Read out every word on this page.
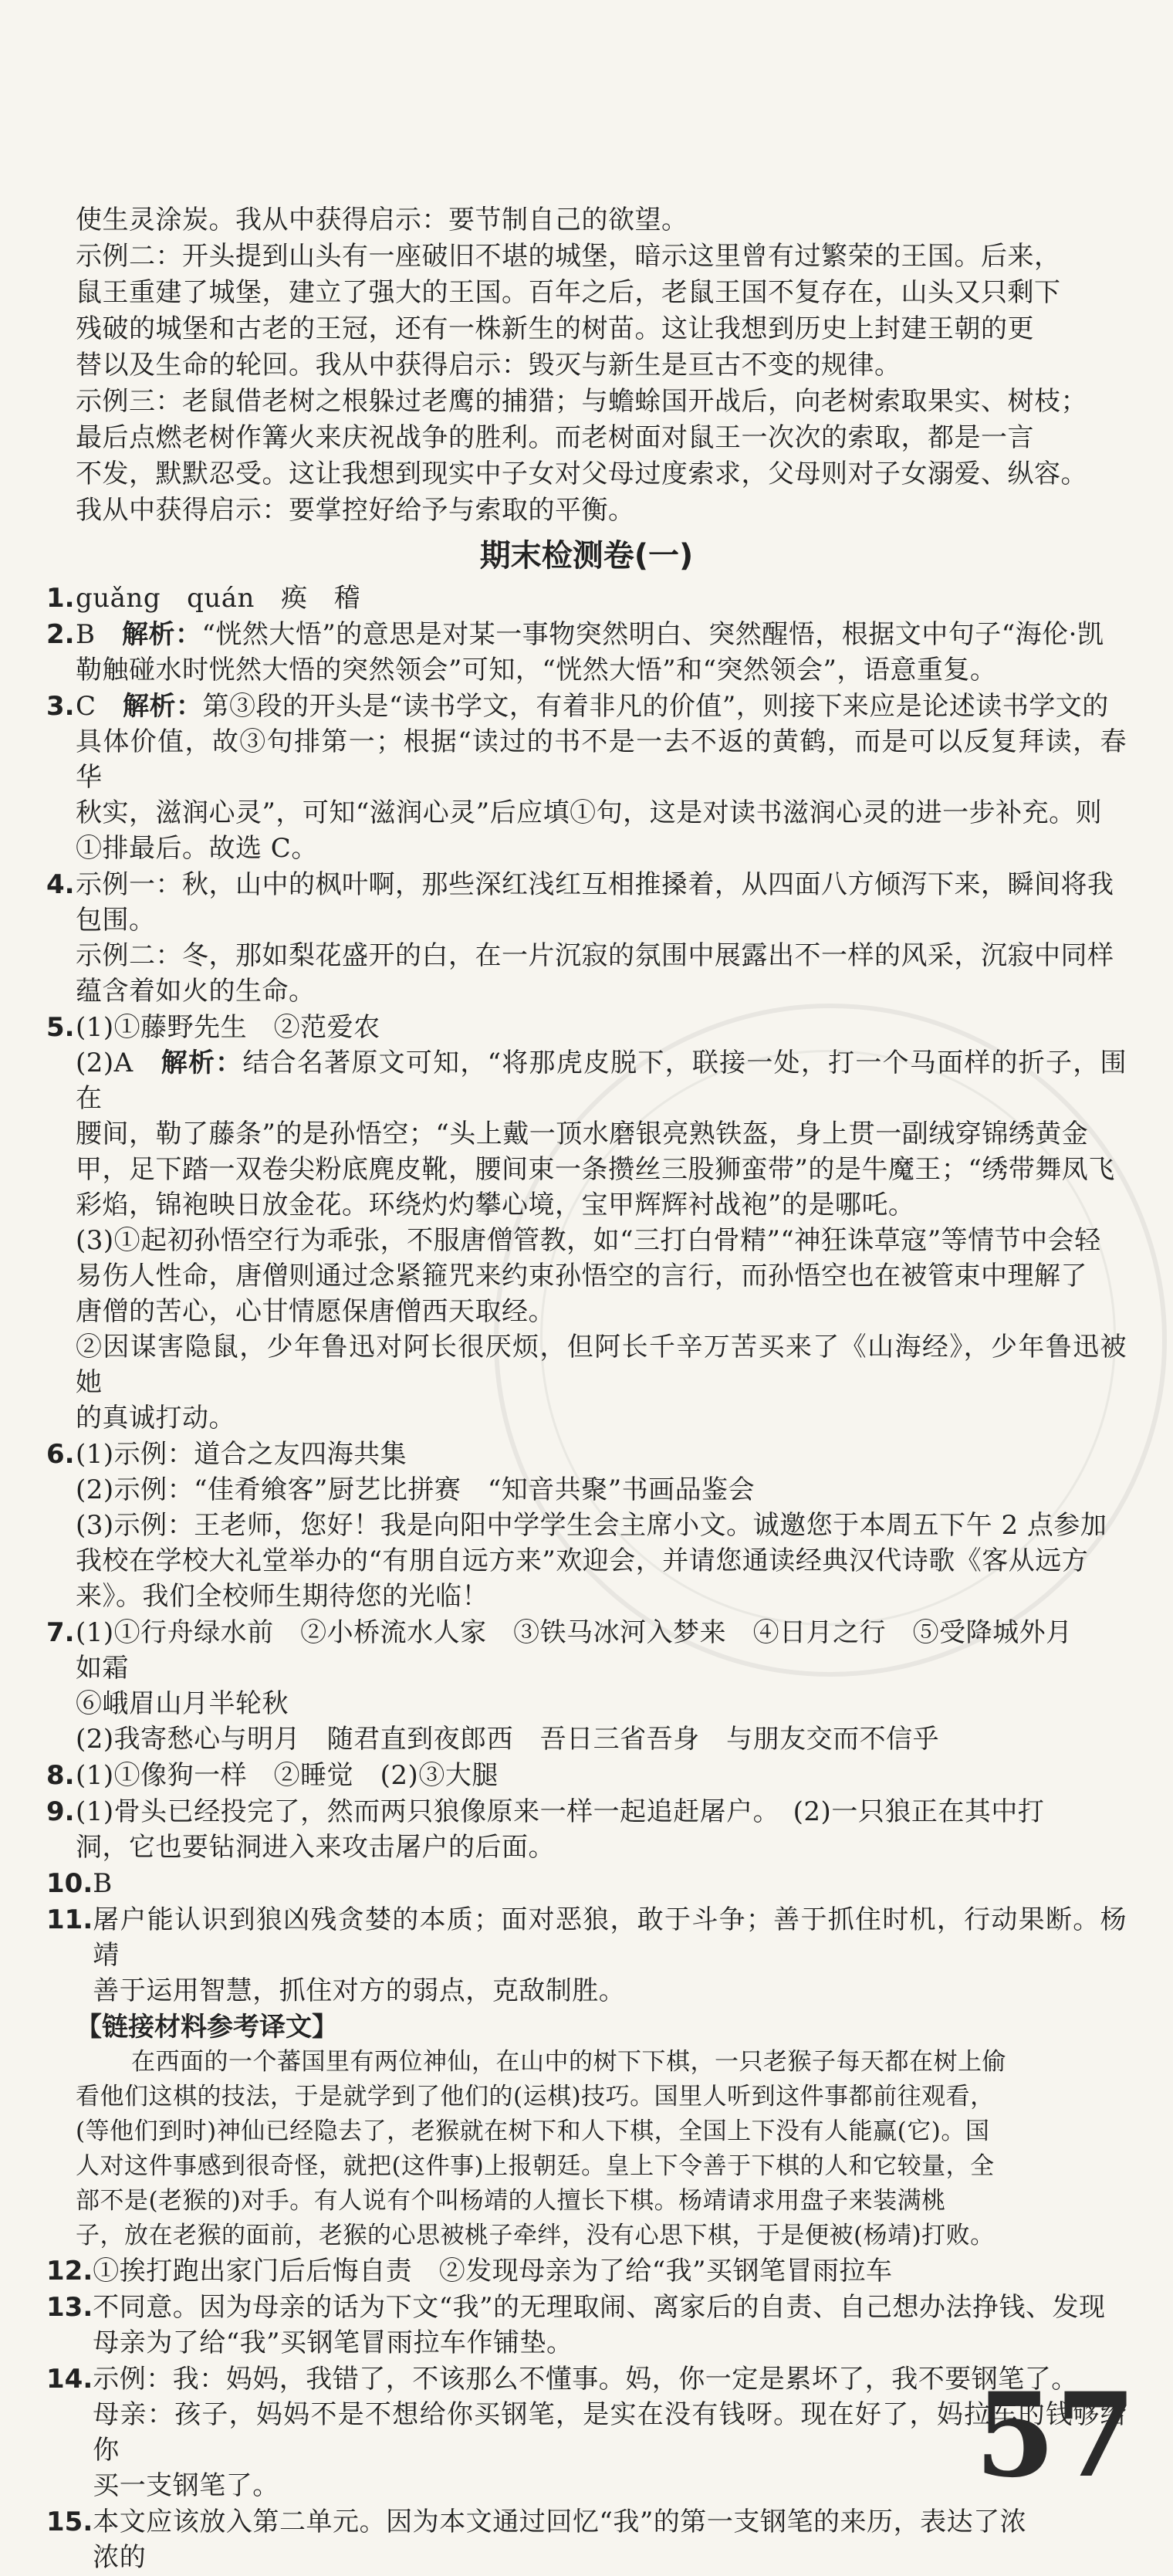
使生灵涂炭。我从中获得启示：要节制自己的欲望。
示例二：开头提到山头有一座破旧不堪的城堡，暗示这里曾有过繁荣的王国。后来，
鼠王重建了城堡，建立了强大的王国。百年之后，老鼠王国不复存在，山头又只剩下
残破的城堡和古老的王冠，还有一株新生的树苗。这让我想到历史上封建王朝的更
替以及生命的轮回。我从中获得启示：毁灭与新生是亘古不变的规律。
示例三：老鼠借老树之根躲过老鹰的捕猎；与蟾蜍国开战后，向老树索取果实、树枝；
最后点燃老树作篝火来庆祝战争的胜利。而老树面对鼠王一次次的索取，都是一言
不发，默默忍受。这让我想到现实中子女对父母过度索求，父母则对子女溺爱、纵容。
我从中获得启示：要掌控好给予与索取的平衡。
期末检测卷(一)
1. guǎng quán 痪 稽
2. B　 解析：“恍然大悟”的意思是对某一事物突然明白、突然醒悟，根据文中句子“海伦·凯
勒触碰水时恍然大悟的突然领会”可知，“恍然大悟”和“突然领会”，语意重复。
3. C　 解析：第③段的开头是“读书学文，有着非凡的价值”，则接下来应是论述读书学文的
具体价值，故③句排第一；根据“读过的书不是一去不返的黄鹤，而是可以反复拜读，春华
秋实，滋润心灵”，可知“滋润心灵”后应填①句，这是对读书滋润心灵的进一步补充。则
①排最后。故选 C。
4. 示例一：秋，山中的枫叶啊，那些深红浅红互相推搡着，从四面八方倾泻下来，瞬间将我
包围。
示例二：冬，那如梨花盛开的白，在一片沉寂的氛围中展露出不一样的风采，沉寂中同样
蕴含着如火的生命。
5. (1)①藤野先生　②范爱农
(2)A　解析：结合名著原文可知，“将那虎皮脱下，联接一处，打一个马面样的折子，围在
腰间，勒了藤条”的是孙悟空；“头上戴一顶水磨银亮熟铁盔，身上贯一副绒穿锦绣黄金
甲，足下踏一双卷尖粉底麂皮靴，腰间束一条攒丝三股狮蛮带”的是牛魔王；“绣带舞凤飞
彩焰，锦袍映日放金花。环绕灼灼攀心境，宝甲辉辉衬战袍”的是哪吒。
(3)①起初孙悟空行为乖张，不服唐僧管教，如“三打白骨精”“神狂诛草寇”等情节中会轻
易伤人性命，唐僧则通过念紧箍咒来约束孙悟空的言行，而孙悟空也在被管束中理解了
唐僧的苦心，心甘情愿保唐僧西天取经。
②因谋害隐鼠，少年鲁迅对阿长很厌烦，但阿长千辛万苦买来了《山海经》，少年鲁迅被她
的真诚打动。
6. (1)示例：道合之友四海共集
(2)示例：“佳肴飨客”厨艺比拼赛　“知音共聚”书画品鉴会
(3)示例：王老师，您好！我是向阳中学学生会主席小文。诚邀您于本周五下午 2 点参加
我校在学校大礼堂举办的“有朋自远方来”欢迎会，并请您通读经典汉代诗歌《客从远方
来》。我们全校师生期待您的光临！
7. (1)①行舟绿水前　②小桥流水人家　③铁马冰河入梦来　④日月之行　⑤受降城外月
如霜
⑥峨眉山月半轮秋
(2)我寄愁心与明月　随君直到夜郎西　吾日三省吾身　与朋友交而不信乎
8. (1)①像狗一样　②睡觉　(2)③大腿
9. (1)骨头已经投完了，然而两只狼像原来一样一起追赶屠户。　(2)一只狼正在其中打
洞，它也要钻洞进入来攻击屠户的后面。
10. B
11. 屠户能认识到狼凶残贪婪的本质；面对恶狼，敢于斗争；善于抓住时机，行动果断。杨靖
善于运用智慧，抓住对方的弱点，克敌制胜。
【链接材料参考译文】
在西面的一个蕃国里有两位神仙，在山中的树下下棋，一只老猴子每天都在树上偷
看他们这棋的技法，于是就学到了他们的(运棋)技巧。国里人听到这件事都前往观看，
(等他们到时)神仙已经隐去了，老猴就在树下和人下棋，全国上下没有人能赢(它)。国
人对这件事感到很奇怪，就把(这件事)上报朝廷。皇上下令善于下棋的人和它较量，全
部不是(老猴的)对手。有人说有个叫杨靖的人擅长下棋。杨靖请求用盘子来装满桃
子，放在老猴的面前，老猴的心思被桃子牵绊，没有心思下棋，于是便被(杨靖)打败。
12. ①挨打跑出家门后后悔自责　②发现母亲为了给“我”买钢笔冒雨拉车
13. 不同意。因为母亲的话为下文“我”的无理取闹、离家后的自责、自己想办法挣钱、发现
母亲为了给“我”买钢笔冒雨拉车作铺垫。
14. 示例：我：妈妈，我错了，不该那么不懂事。妈，你一定是累坏了，我不要钢笔了。
母亲：孩子，妈妈不是不想给你买钢笔，是实在没有钱呀。现在好了，妈拉车的钱够给你
买一支钢笔了。
15. 本文应该放入第二单元。因为本文通过回忆“我”的第一支钢笔的来历，表达了浓浓的
57
